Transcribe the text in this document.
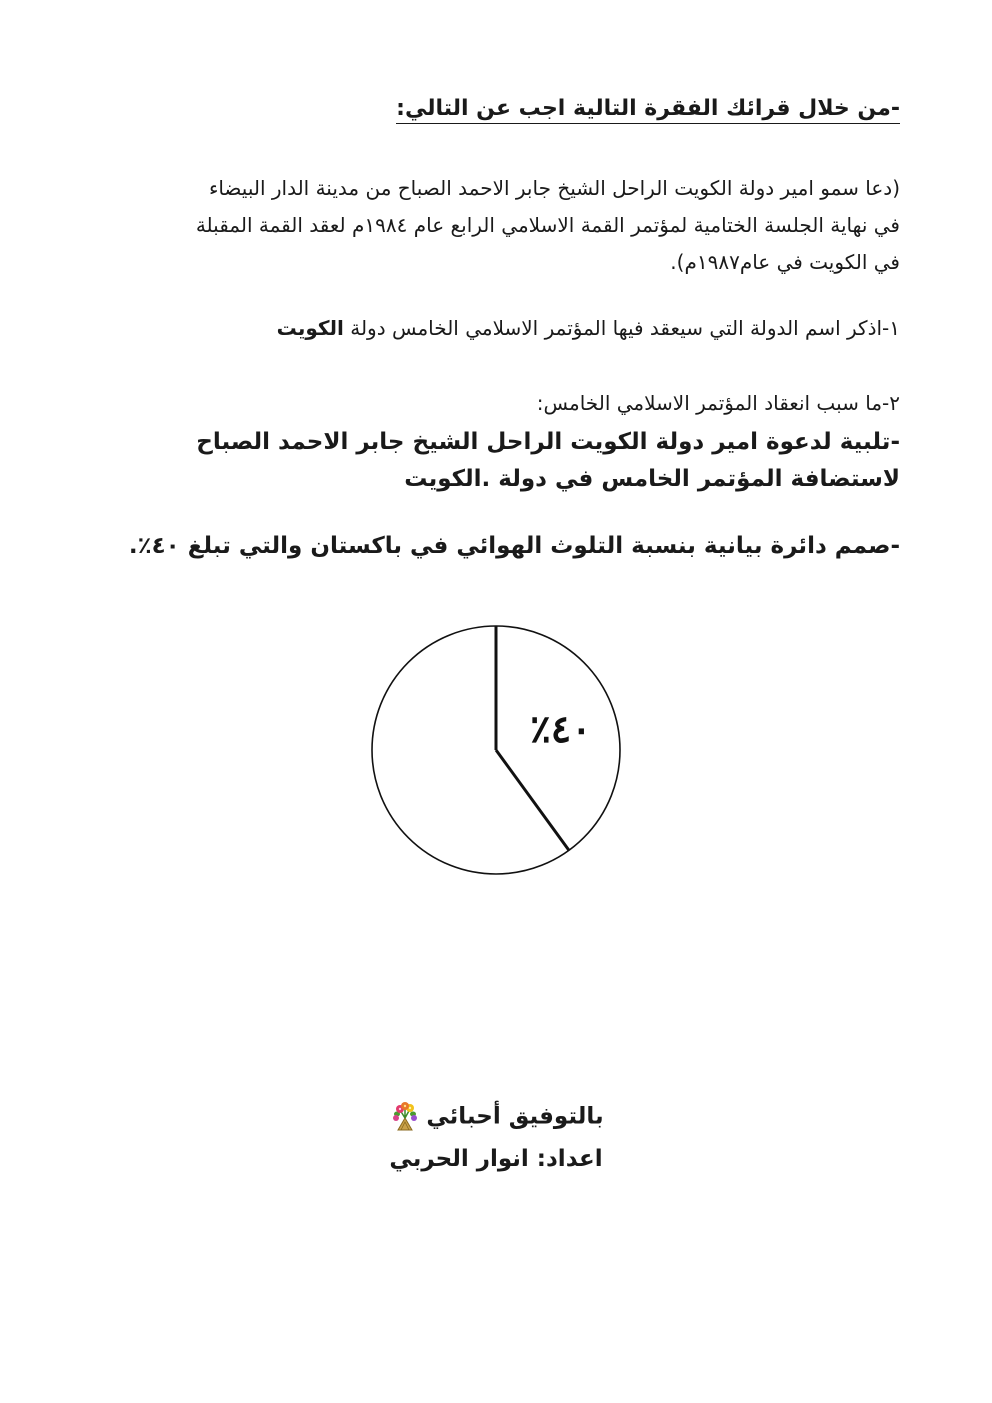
-من خلال قرائك الفقرة التالية اجب عن التالي:
(دعا سمو امير دولة الكويت الراحل الشيخ جابر الاحمد الصباح من مدينة الدار البيضاء
في نهاية الجلسة الختامية لمؤتمر القمة الاسلامي الرابع عام ١٩٨٤م لعقد القمة المقبلة
في الكويت في عام١٩٨٧م).
١-اذكر اسم الدولة التي سيعقد فيها المؤتمر الاسلامي الخامس دولة الكويت
٢-ما سبب انعقاد المؤتمر الاسلامي الخامس:
-تلبية لدعوة امير دولة الكويت الراحل الشيخ جابر الاحمد الصباح
لاستضافة المؤتمر الخامس في دولة .الكويت
-صمم دائرة بيانية بنسبة التلوث الهوائي في باكستان والتي تبلغ ٤٠٪.
٪٤٠
بالتوفيق أحبائي
اعداد: انوار الحربي
